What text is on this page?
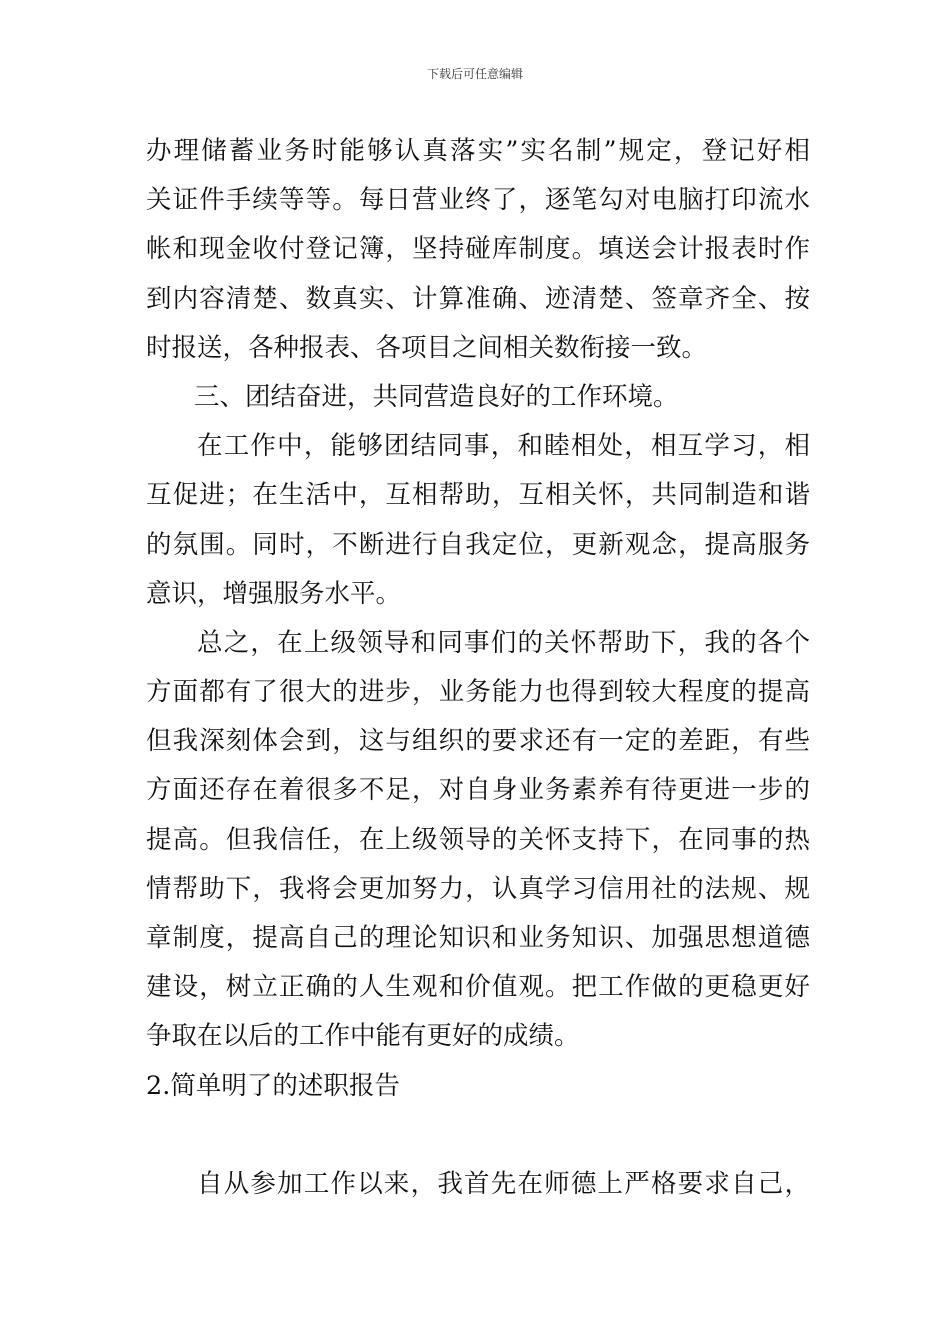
下载后可任意编辑
办理储蓄业务时能够认真落实”实名制”规定，登记好相
关证件手续等等。每日营业终了，逐笔勾对电脑打印流水
帐和现金收付登记簿，坚持碰库制度。填送会计报表时作
到内容清楚、数真实、计算准确、迹清楚、签章齐全、按
时报送，各种报表、各项目之间相关数衔接一致。
三、团结奋进，共同营造良好的工作环境。
在工作中，能够团结同事，和睦相处，相互学习，相
互促进；在生活中，互相帮助，互相关怀，共同制造和谐
的氛围。同时，不断进行自我定位，更新观念，提高服务
意识，增强服务水平。
总之，在上级领导和同事们的关怀帮助下，我的各个
方面都有了很大的进步，业务能力也得到较大程度的提高
但我深刻体会到，这与组织的要求还有一定的差距，有些
方面还存在着很多不足，对自身业务素养有待更进一步的
提高。但我信任，在上级领导的关怀支持下，在同事的热
情帮助下，我将会更加努力，认真学习信用社的法规、规
章制度，提高自己的理论知识和业务知识、加强思想道德
建设，树立正确的人生观和价值观。把工作做的更稳更好
争取在以后的工作中能有更好的成绩。
2.简单明了的述职报告
自从参加工作以来，我首先在师德上严格要求自己，
